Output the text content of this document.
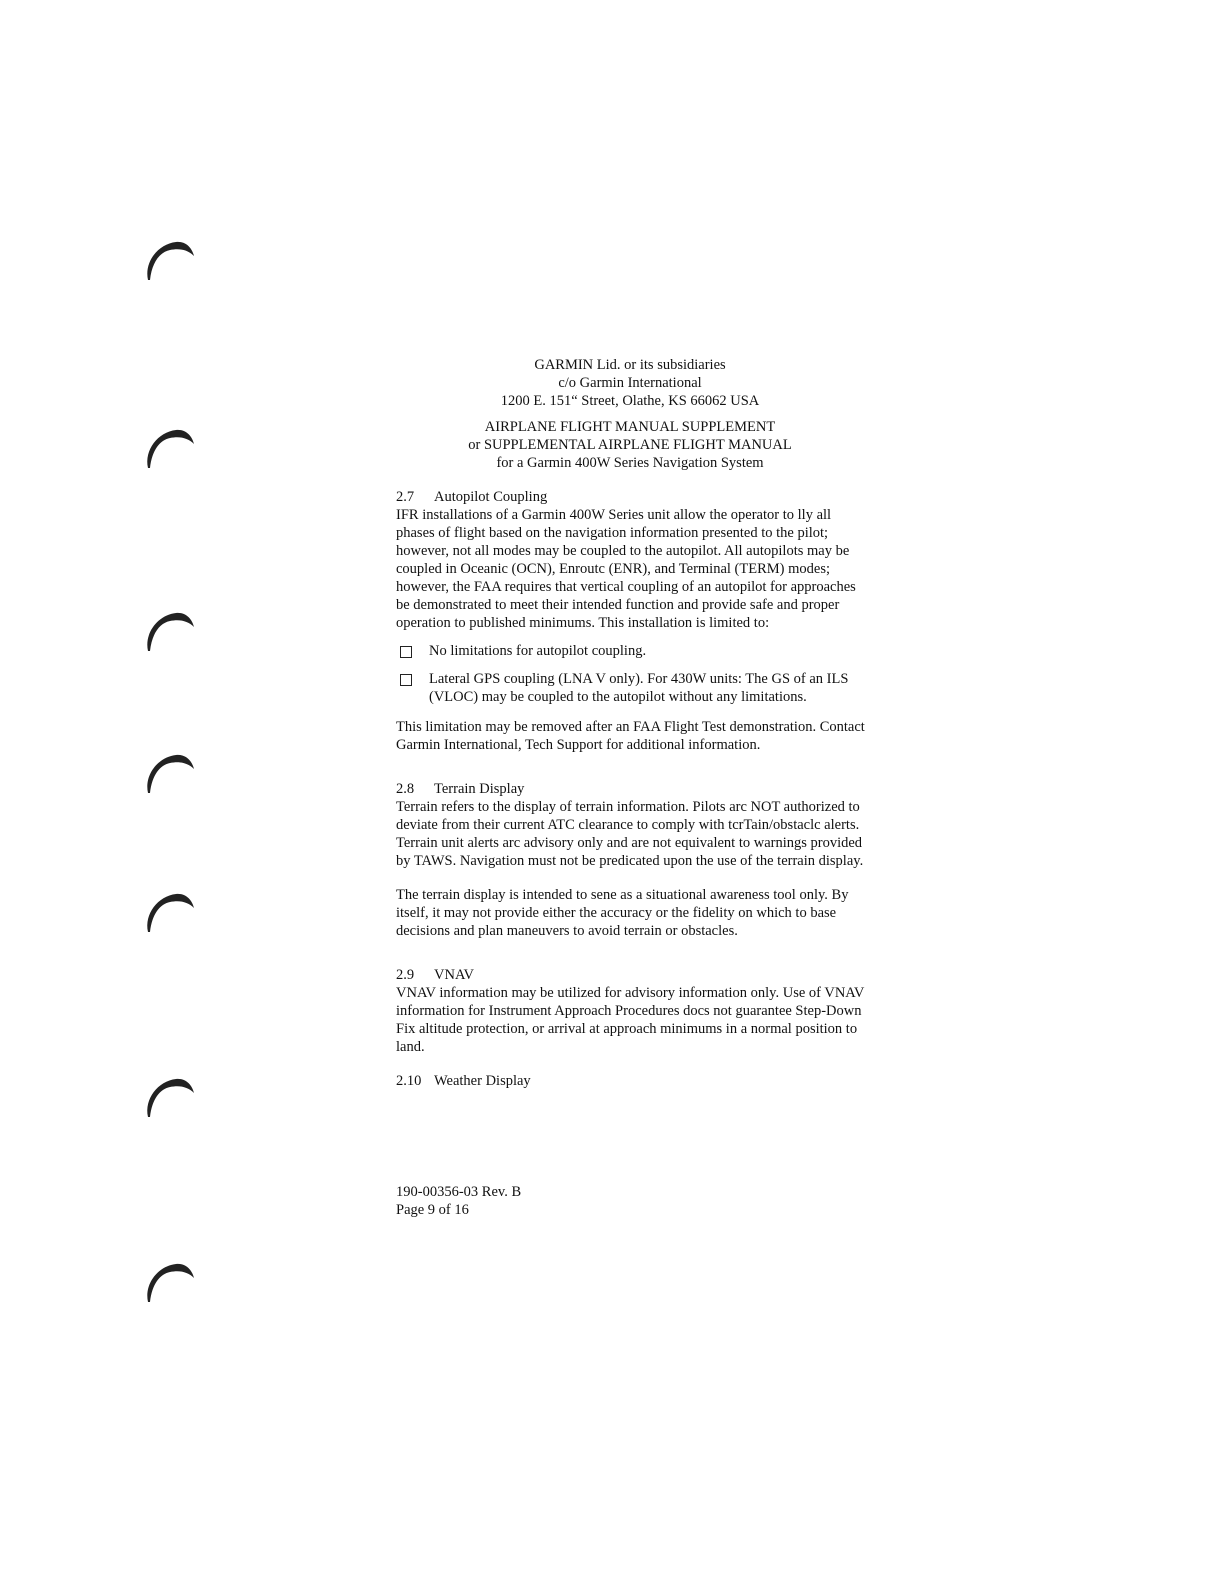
GARMIN Lid. or its subsidiaries
c/o Garmin International
1200 E. 151“ Street, Olathe, KS 66062 USA
AIRPLANE FLIGHT MANUAL SUPPLEMENT
or SUPPLEMENTAL AIRPLANE FLIGHT MANUAL
for a Garmin 400W Series Navigation System
2.7 Autopilot Coupling

IFR installations of a Garmin 400W Series unit allow the operator to lly all phases of flight based on the navigation information presented to the pilot; however, not all modes may be coupled to the autopilot. All autopilots may be coupled in Oceanic (OCN), Enroutc (ENR), and Terminal (TERM) modes; however, the FAA requires that vertical coupling of an autopilot for approaches be demonstrated to meet their intended function and provide safe and proper operation to published minimums. This installation is limited to:

No limitations for autopilot coupling.
Lateral GPS coupling (LNA V only). For 430W units: The GS of an ILS (VLOC) may be coupled to the autopilot without any limitations.

This limitation may be removed after an FAA Flight Test demonstration. Contact Garmin International, Tech Support for additional information.

2.8 Terrain Display

Terrain refers to the display of terrain information. Pilots arc NOT authorized to deviate from their current ATC clearance to comply with tcrTain/obstaclc alerts. Terrain unit alerts arc advisory only and are not equivalent to warnings provided by TAWS. Navigation must not be predicated upon the use of the terrain display.

The terrain display is intended to sene as a situational awareness tool only. By itself, it may not provide either the accuracy or the fidelity on which to base decisions and plan maneuvers to avoid terrain or obstacles.

2.9 VNAV

VNAV information may be utilized for advisory information only. Use of VNAV information for Instrument Approach Procedures docs not guarantee Step-Down Fix altitude protection, or arrival at approach minimums in a normal position to land.

2.10 Weather Display
190-00356-03 Rev. B
Page 9 of 16
